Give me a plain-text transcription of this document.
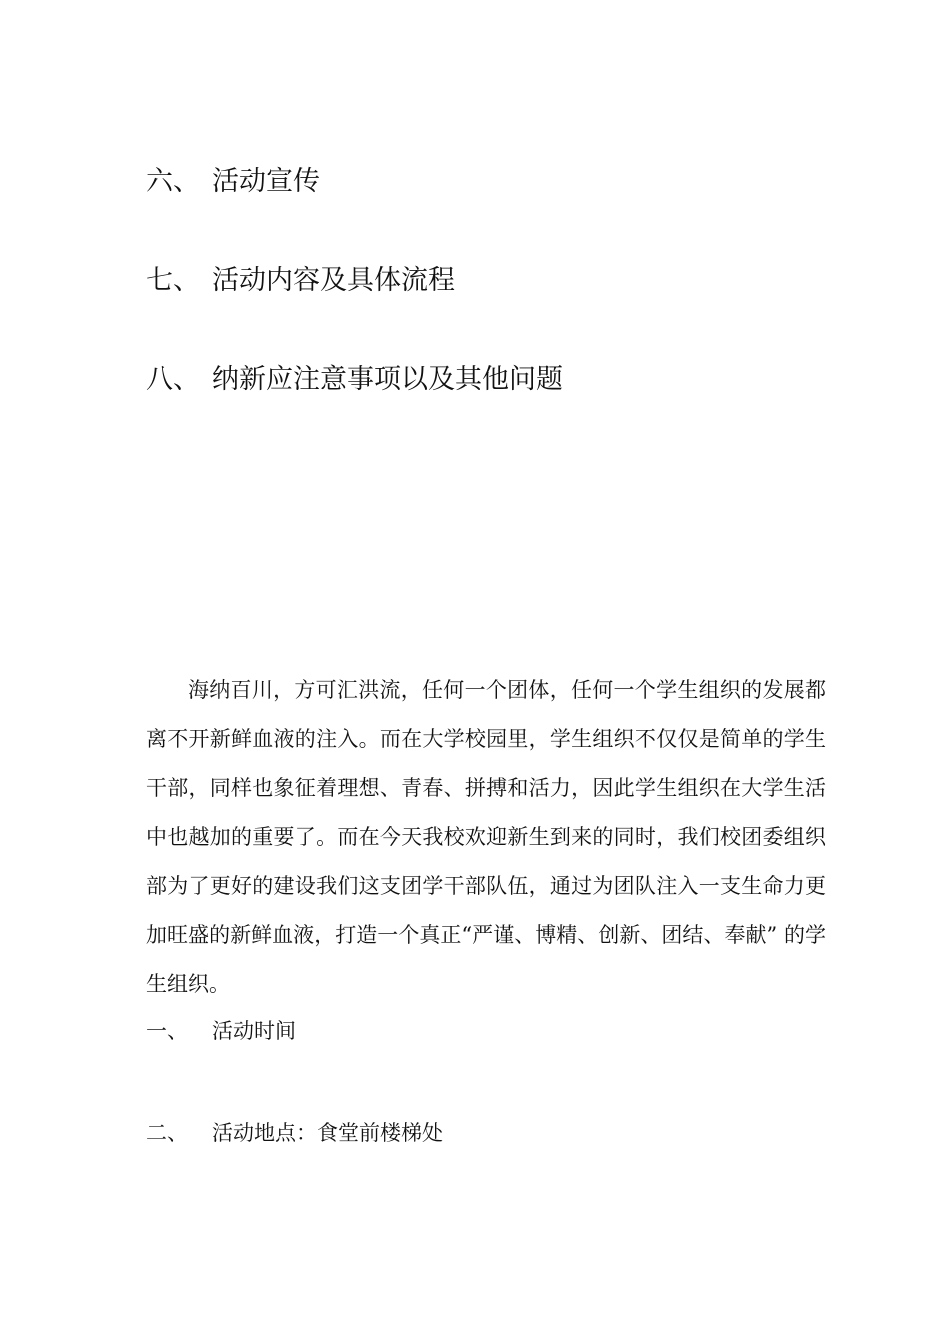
六、 活动宣传
七、 活动内容及具体流程
八、 纳新应注意事项以及其他问题

海纳百川，方可汇洪流，任何一个团体，任何一个学生组织的发展都离不开新鲜血液的注入。而在大学校园里，学生组织不仅仅是简单的学生干部，同样也象征着理想、青春、拼搏和活力，因此学生组织在大学生活中也越加的重要了。而在今天我校欢迎新生到来的同时，我们校团委组织部为了更好的建设我们这支团学干部队伍，通过为团队注入一支生命力更加旺盛的新鲜血液，打造一个真正“严谨、博精、创新、团结、奉献” 的学生组织。

一、 活动时间
二、 活动地点：食堂前楼梯处
